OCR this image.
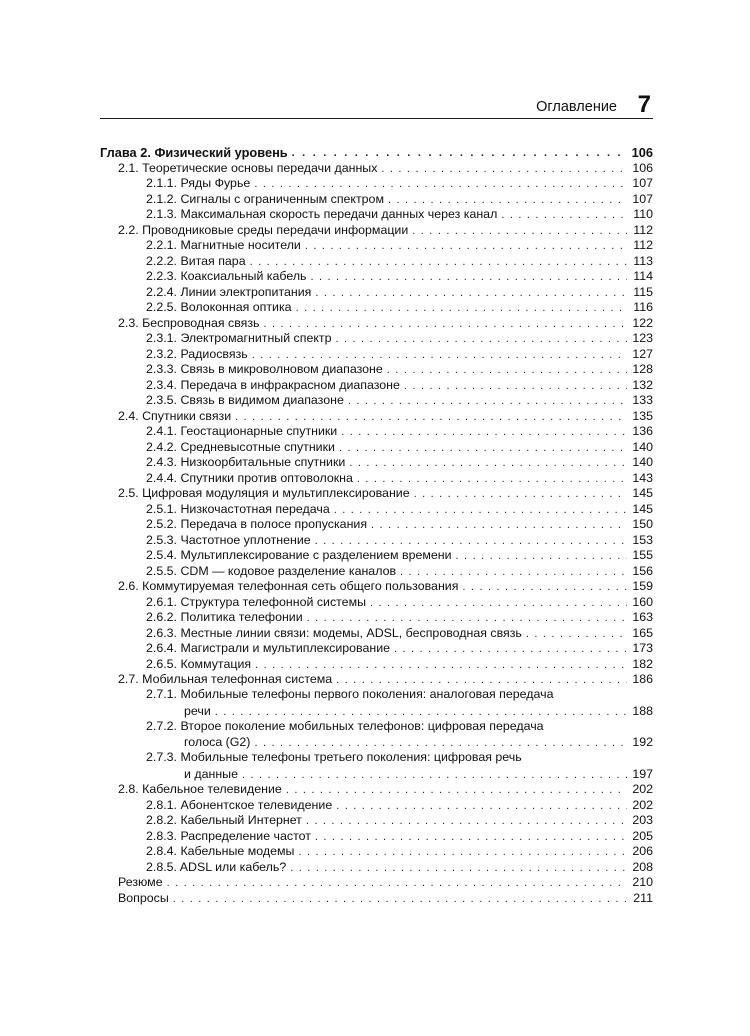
Оглавление 7
Глава 2. Физический уровень . . .	106
2.1. Теоретические основы передачи данных . . .	106
2.1.1. Ряды Фурье . . .	107
2.1.2. Сигналы с ограниченным спектром . . .	107
2.1.3. Максимальная скорость передачи данных через канал . . .	110
2.2. Проводниковые среды передачи информации . . .	112
2.2.1. Магнитные носители . . .	112
2.2.2. Витая пара . . .	113
2.2.3. Коаксиальный кабель . . .	114
2.2.4. Линии электропитания . . .	115
2.2.5. Волоконная оптика . . .	116
2.3. Беспроводная связь . . .	122
2.3.1. Электромагнитный спектр . . .	123
2.3.2. Радиосвязь . . .	127
2.3.3. Связь в микроволновом диапазоне . . .	128
2.3.4. Передача в инфракрасном диапазоне . . .	132
2.3.5. Связь в видимом диапазоне . . .	133
2.4. Спутники связи . . .	135
2.4.1. Геостационарные спутники . . .	136
2.4.2. Средневысотные спутники . . .	140
2.4.3. Низкоорбитальные спутники . . .	140
2.4.4. Спутники против оптоволокна . . .	143
2.5. Цифровая модуляция и мультиплексирование . . .	145
2.5.1. Низкочастотная передача . . .	145
2.5.2. Передача в полосе пропускания . . .	150
2.5.3. Частотное уплотнение . . .	153
2.5.4. Мультиплексирование с разделением времени . . .	155
2.5.5. CDM — кодовое разделение каналов . . .	156
2.6. Коммутируемая телефонная сеть общего пользования . . .	159
2.6.1. Структура телефонной системы . . .	160
2.6.2. Политика телефонии . . .	163
2.6.3. Местные линии связи: модемы, ADSL, беспроводная связь . . .	165
2.6.4. Магистрали и мультиплексирование . . .	173
2.6.5. Коммутация . . .	182
2.7. Мобильная телефонная система . . .	186
2.7.1. Мобильные телефоны первого поколения: аналоговая передача
речи . . .	188
2.7.2. Второе поколение мобильных телефонов: цифровая передача
голоса (G2) . . .	192
2.7.3. Мобильные телефоны третьего поколения: цифровая речь
и данные . . .	197
2.8. Кабельное телевидение . . .	202
2.8.1. Абонентское телевидение . . .	202
2.8.2. Кабельный Интернет . . .	203
2.8.3. Распределение частот . . .	205
2.8.4. Кабельные модемы . . .	206
2.8.5. ADSL или кабель? . . .	208
Резюме . . .	210
Вопросы . . .	211
